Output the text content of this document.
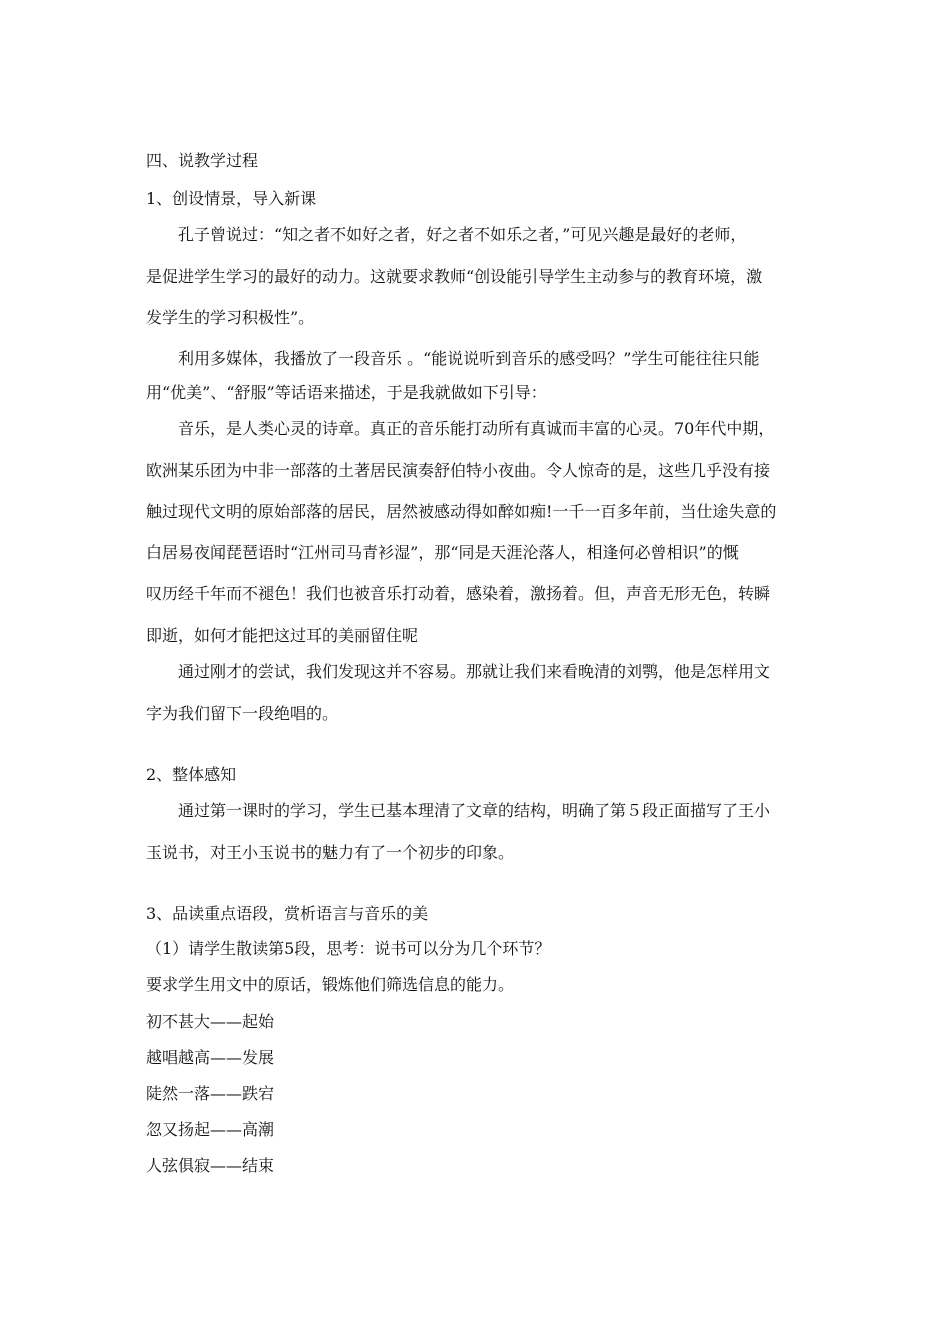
四、说教学过程
1、创设情景，导入新课
孔子曾说过：“知之者不如好之者，好之者不如乐之者，”可见兴趣是最好的老师，
是促进学生学习的最好的动力。这就要求教师“创设能引导学生主动参与的教育环境，激
发学生的学习积极性”。
利用多媒体，我播放了一段音乐 。“能说说听到音乐的感受吗？”学生可能往往只能
用“优美”、“舒服”等话语来描述，于是我就做如下引导：
音乐，是人类心灵的诗章。真正的音乐能打动所有真诚而丰富的心灵。70年代中期，
欧洲某乐团为中非一部落的土著居民演奏舒伯特小夜曲。令人惊奇的是，这些几乎没有接
触过现代文明的原始部落的居民，居然被感动得如醉如痴!一千一百多年前，当仕途失意的
白居易夜闻琵琶语时“江州司马青衫湿”，那“同是天涯沦落人，相逢何必曾相识”的慨
叹历经千年而不褪色！我们也被音乐打动着，感染着，激扬着。但，声音无形无色，转瞬
即逝，如何才能把这过耳的美丽留住呢
通过刚才的尝试，我们发现这并不容易。那就让我们来看晚清的刘鹗，他是怎样用文
字为我们留下一段绝唱的。
2、整体感知
通过第一课时的学习，学生已基本理清了文章的结构，明确了第５段正面描写了王小
玉说书，对王小玉说书的魅力有了一个初步的印象。
3、品读重点语段，赏析语言与音乐的美
（1）请学生散读第5段，思考：说书可以分为几个环节？
要求学生用文中的原话，锻炼他们筛选信息的能力。
初不甚大——起始
越唱越高——发展
陡然一落——跌宕
忽又扬起——高潮
人弦俱寂——结束
